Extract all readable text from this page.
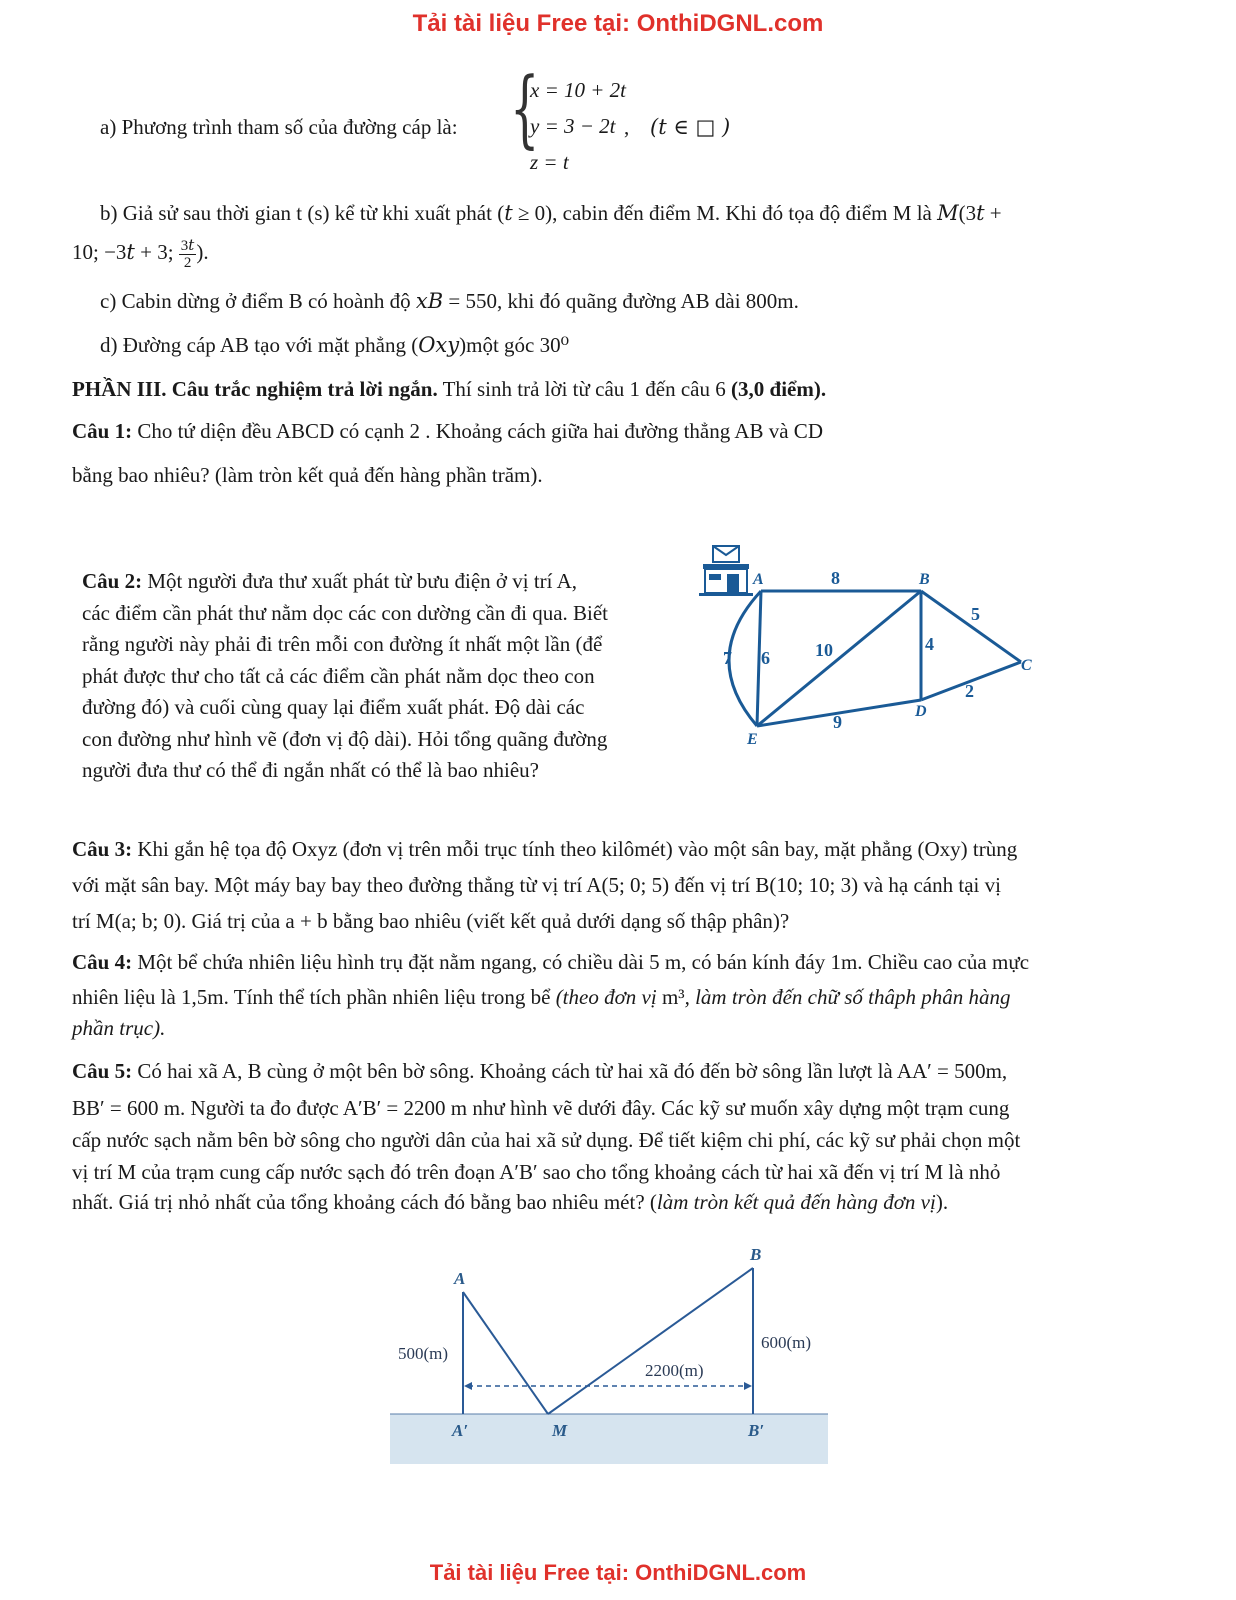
Tải tài liệu Free tại: OnthiDGNL.com
a) Phương trình tham số của đường cáp là: {
x = 10 + 2t
y = 3 − 2t
z = t
, (t ∈ □ )
b) Giả sử sau thời gian t (s) kể từ khi xuất phát (𝑡 ≥ 0), cabin đến điểm M. Khi đó tọa độ điểm M là 𝑀(3𝑡 +
10; −3𝑡 + 3; $\frac{\text{3𝑡}}{2}$ ).
c) Cabin dừng ở điểm B có hoành độ 𝑥𝐵 = 550, khi đó quãng đường AB dài 800m.
d) Đường cáp AB tạo với mặt phẳng (𝑂𝑥𝑦)một góc 30⁰
PHẦN III. Câu trắc nghiệm trả lời ngắn. Thí sinh trả lời từ câu 1 đến câu 6 (3,0 điểm).
Câu 1: Cho tứ diện đều ABCD có cạnh 2 . Khoảng cách giữa hai đường thẳng AB và CD
bằng bao nhiêu? (làm tròn kết quả đến hàng phần trăm).
Câu 2: Một người đưa thư xuất phát từ bưu điện ở vị trí A,
các điểm cần phát thư nằm dọc các con dường cần đi qua. Biết
rằng người này phải đi trên mỗi con đường ít nhất một lần (để
phát được thư cho tất cả các điểm cần phát nằm dọc theo con
đường đó) và cuối cùng quay lại điểm xuất phát. Độ dài các
con đường như hình vẽ (đơn vị độ dài). Hỏi tổng quãng đường
người đưa thư có thể đi ngắn nhất có thể là bao nhiêu?
A	B
C
D
E
8
5
2
4
9
10
6
7
Câu 3: Khi gắn hệ tọa độ Oxyz (đơn vị trên mỗi trục tính theo kilômét) vào một sân bay, mặt phẳng (Oxy) trùng
với mặt sân bay. Một máy bay bay theo đường thẳng từ vị trí A(5; 0; 5) đến vị trí B(10; 10; 3) và hạ cánh tại vị
trí M(a; b; 0). Giá trị của a + b bằng bao nhiêu (viết kết quả dưới dạng số thập phân)?
Câu 4: Một bể chứa nhiên liệu hình trụ đặt nằm ngang, có chiều dài 5 m, có bán kính đáy 1m. Chiều cao của mực
nhiên liệu là 1,5m. Tính thể tích phần nhiên liệu trong bể (theo đơn vị m³, làm tròn đến chữ số thâph phân hàng
phần trục).
Câu 5: Có hai xã A, B cùng ở một bên bờ sông. Khoảng cách từ hai xã đó đến bờ sông lần lượt là AA′ = 500m,
BB′ = 600 m. Người ta đo được A′B′ = 2200 m như hình vẽ dưới đây. Các kỹ sư muốn xây dựng một trạm cung
cấp nước sạch nằm bên bờ sông cho người dân của hai xã sử dụng. Để tiết kiệm chi phí, các kỹ sư phải chọn một
vị trí M của trạm cung cấp nước sạch đó trên đoạn A′B′ sao cho tổng khoảng cách từ hai xã đến vị trí M là nhỏ
nhất. Giá trị nhỏ nhất của tổng khoảng cách đó bằng bao nhiêu mét? (làm tròn kết quả đến hàng đơn vị).
A
B
A′	B′
M
500(m)
600(m)
2200(m)
Tải tài liệu Free tại: OnthiDGNL.com
